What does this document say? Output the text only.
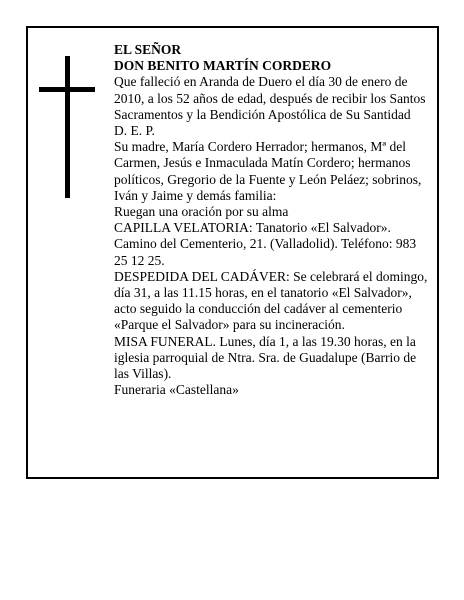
EL SEÑOR

DON BENITO MARTÍN CORDERO

Que falleció en Aranda de Duero el día 30 de enero de 2010, a los 52 años de edad, después de recibir los Santos Sacramentos y la Bendición Apostólica de Su Santidad

D. E. P.

Su madre, María Cordero Herrador; hermanos, Mª del Carmen, Jesús e Inmaculada Matín Cordero; hermanos políticos, Gregorio de la Fuente y León Peláez; sobrinos, Iván y Jaime y demás familia:

Ruegan una oración por su alma

CAPILLA VELATORIA: Tanatorio «El Salvador». Camino del Cementerio, 21. (Valladolid). Teléfono: 983 25 12 25.

DESPEDIDA DEL CADÁVER: Se celebrará el domingo, día 31, a las 11.15 horas, en el tanatorio «El Salvador», acto seguido la conducción del cadáver al cementerio «Parque el Salvador» para su incineración.

MISA FUNERAL. Lunes, día 1, a las 19.30 horas, en la iglesia parroquial de Ntra. Sra. de Guadalupe (Barrio de las Villas).

Funeraria «Castellana»
